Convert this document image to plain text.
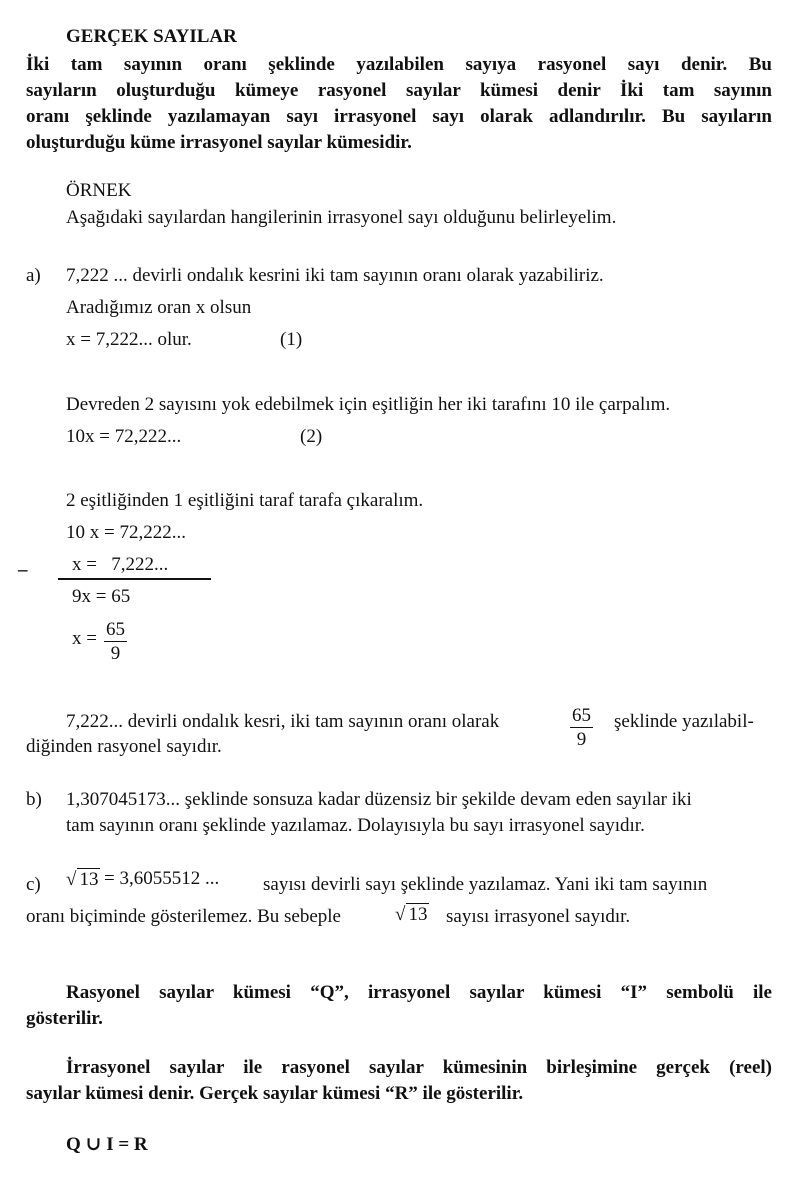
GERÇEK SAYILAR
İki tam sayının oranı şeklinde yazılabilen sayıya rasyonel sayı denir. Bu
sayıların oluşturduğu kümeye rasyonel sayılar kümesi denir İki tam sayının
oranı şeklinde yazılamayan sayı irrasyonel sayı olarak adlandırılır. Bu sayıların
oluşturduğu küme irrasyonel sayılar kümesidir.
ÖRNEK
Aşağıdaki sayılardan hangilerinin irrasyonel sayı olduğunu belirleyelim.
a) 7,222 ... devirli ondalık kesrini iki tam sayının oranı olarak yazabiliriz.
Aradığımız oran x olsun
x = 7,222... olur.	(1)
Devreden 2 sayısını yok edebilmek için eşitliğin her iki tarafını 10 ile çarpalım.
10x = 72,222...	(2)
2 eşitliğinden 1 eşitliğini taraf tarafa çıkaralım.
10 x = 72,222...
_ x =   7,222...
9x = 65
$x = \frac{65}{9}$
7,222... devirli ondalık kesri, iki tam sayının oranı olarak	$\frac{65}{9}$ şeklinde yazılabil-
diğinden rasyonel sayıdır.
b) 1,307045173... şeklinde sonsuza kadar düzensiz bir şekilde devam eden sayılar iki
tam sayının oranı şeklinde yazılamaz. Dolayısıyla bu sayı irrasyonel sayıdır.
c) √ 13 = 3,6055512 ... sayısı devirli sayı şeklinde yazılamaz. Yani iki tam sayının
oranı biçiminde gösterilemez. Bu sebeple	√ 13 sayısı irrasyonel sayıdır.
Rasyonel sayılar kümesi “Q”, irrasyonel sayılar kümesi “I” sembolü ile
gösterilir.
İrrasyonel sayılar ile rasyonel sayılar kümesinin birleşimine gerçek (reel)
sayılar kümesi denir. Gerçek sayılar kümesi “R” ile gösterilir.
Q ∪ I = R
